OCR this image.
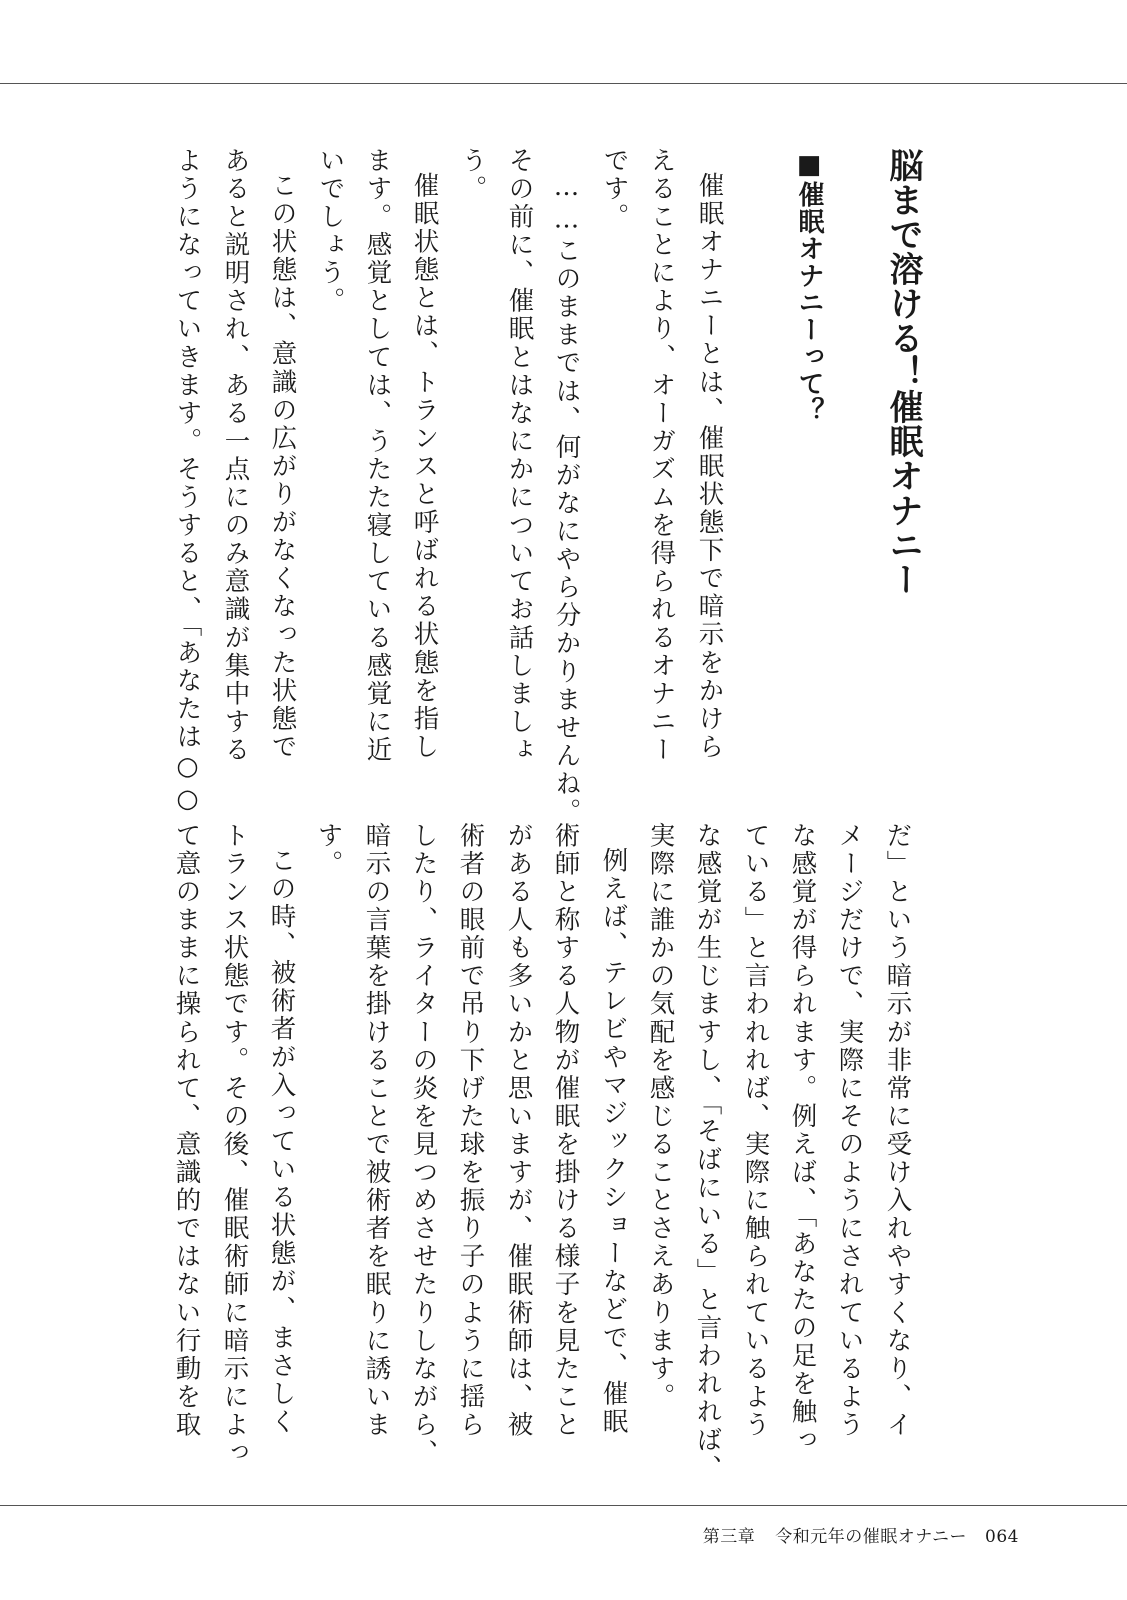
脳まで溶ける！催眠オナニー
■催眠オナニーって？
催眠オナニーとは、催眠状態下で暗示をかけら
えることにより、オーガズムを得られるオナニー
です。
……このままでは、何がなにやら分かりませんね。
その前に、催眠とはなにかについてお話しましょ
う。
催眠状態とは、トランスと呼ばれる状態を指し
ます。感覚としては、うたた寝している感覚に近
いでしょう。
この状態は、意識の広がりがなくなった状態で
あると説明され、ある一点にのみ意識が集中する
ようになっていきます。そうすると、「あなたは○○
だ」という暗示が非常に受け入れやすくなり、イ
メージだけで、実際にそのようにされているよう
な感覚が得られます。例えば、「あなたの足を触っ
ている」と言われれば、実際に触られているよう
な感覚が生じますし、「そばにいる」と言われれば、
実際に誰かの気配を感じることさえあります。
例えば、テレビやマジックショーなどで、催眠
術師と称する人物が催眠を掛ける様子を見たこと
がある人も多いかと思いますが、催眠術師は、被
術者の眼前で吊り下げた球を振り子のように揺ら
したり、ライターの炎を見つめさせたりしながら、
暗示の言葉を掛けることで被術者を眠りに誘いま
す。
この時、被術者が入っている状態が、まさしく
トランス状態です。その後、催眠術師に暗示によっ
て意のままに操られて、意識的ではない行動を取
第三章 令和元年の催眠オナニー 064
